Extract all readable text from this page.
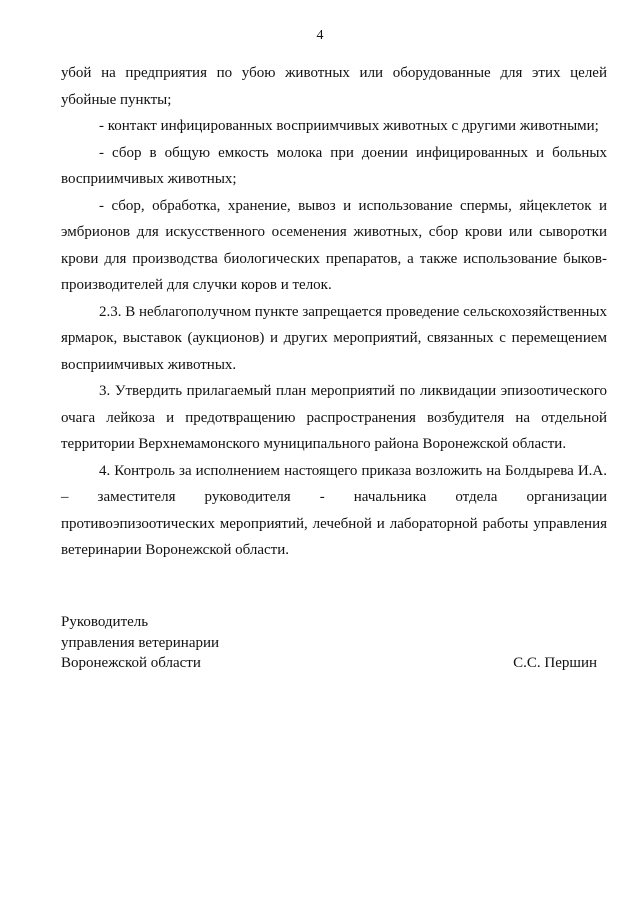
4

убой на предприятия по убою животных или оборудованные для этих целей убойные пункты;

- контакт инфицированных восприимчивых животных с другими животными;

- сбор в общую емкость молока при доении инфицированных и больных восприимчивых животных;

- сбор, обработка, хранение, вывоз и использование спермы, яйцеклеток и эмбрионов для искусственного осеменения животных, сбор крови или сыворотки крови для производства биологических препаратов, а также использование быков-производителей для случки коров и телок.

2.3. В неблагополучном пункте запрещается проведение сельскохозяйственных ярмарок, выставок (аукционов) и других мероприятий, связанных с перемещением восприимчивых животных.

3. Утвердить прилагаемый план мероприятий по ликвидации эпизоотического очага лейкоза и предотвращению распространения возбудителя на отдельной территории Верхнемамонского муниципального района Воронежской области.

4. Контроль за исполнением настоящего приказа возложить на Болдырева И.А. – заместителя руководителя - начальника отдела организации противоэпизоотических мероприятий, лечебной и лабораторной работы управления ветеринарии Воронежской области.

Руководитель
управления ветеринарии
Воронежской области	С.С. Першин
